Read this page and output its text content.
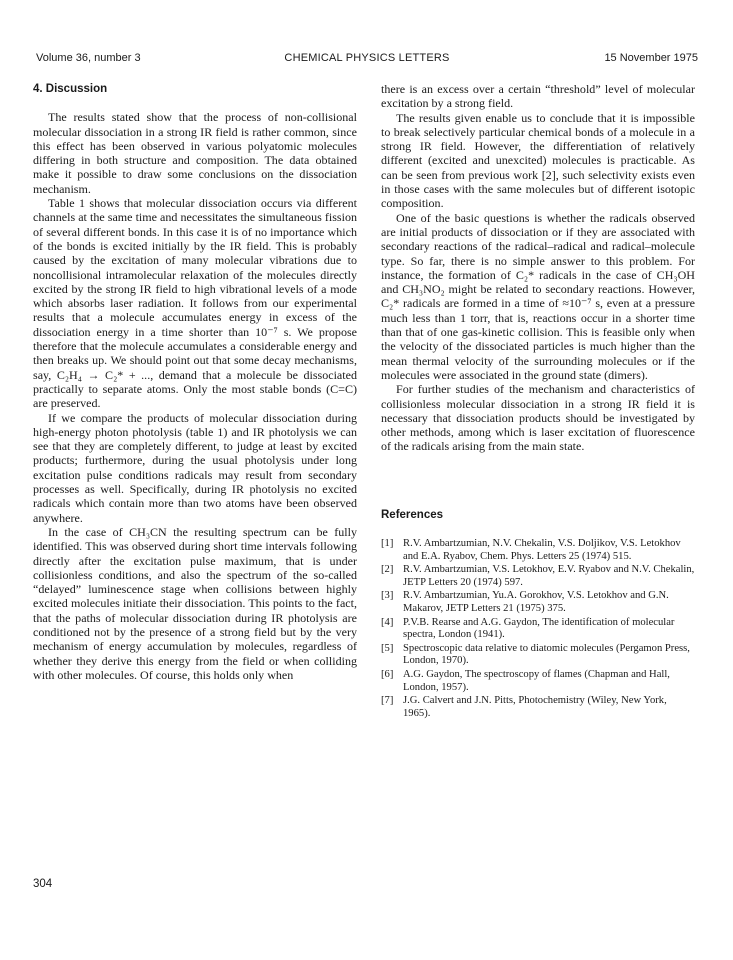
Volume 36, number 3	CHEMICAL PHYSICS LETTERS	15 November 1975
4. Discussion

The results stated show that the process of non-collisional molecular dissociation in a strong IR field is rather common, since this effect has been observed in various polyatomic molecules differing in both structure and composition. The data obtained make it possible to draw some conclusions on the dissociation mechanism.

Table 1 shows that molecular dissociation occurs via different channels at the same time and necessitates the simultaneous fission of several different bonds. In this case it is of no importance which of the bonds is excited initially by the IR field. This is probably caused by the excitation of many molecular vibrations due to noncollisional intramolecular relaxation of the molecules directly excited by the strong IR field to high vibrational levels of a mode which absorbs laser radiation. It follows from our experimental results that a molecule accumulates energy in excess of the dissociation energy in a time shorter than 10⁻⁷ s. We propose therefore that the molecule accumulates a considerable energy and then breaks up. We should point out that some decay mechanisms, say, C₂H₄ → C₂* + ..., demand that a molecule be dissociated practically to separate atoms. Only the most stable bonds (C=C) are preserved.

If we compare the products of molecular dissociation during high-energy photon photolysis (table 1) and IR photolysis we can see that they are completely different, to judge at least by excited products; furthermore, during the usual photolysis under long excitation pulse conditions radicals may result from secondary processes as well. Specifically, during IR photolysis no excited radicals which contain more than two atoms have been observed anywhere.

In the case of CH₃CN the resulting spectrum can be fully identified. This was observed during short time intervals following directly after the excitation pulse maximum, that is under collisionless conditions, and also the spectrum of the so-called “delayed” luminescence stage when collisions between highly excited molecules initiate their dissociation. This points to the fact, that the paths of molecular dissociation during IR photolysis are conditioned not by the presence of a strong field but by the very mechanism of energy accumulation by molecules, regardless of whether they derive this energy from the field or when colliding with other molecules. Of course, this holds only when

there is an excess over a certain “threshold” level of molecular excitation by a strong field.

The results given enable us to conclude that it is impossible to break selectively particular chemical bonds of a molecule in a strong IR field. However, the differentiation of relatively different (excited and unexcited) molecules is practicable. As can be seen from previous work [2], such selectivity exists even in those cases with the same molecules but of different isotopic composition.

One of the basic questions is whether the radicals observed are initial products of dissociation or if they are associated with secondary reactions of the radical–radical and radical–molecule type. So far, there is no simple answer to this problem. For instance, the formation of C₂* radicals in the case of CH₃OH and CH₃NO₂ might be related to secondary reactions. However, C₂* radicals are formed in a time of ≈10⁻⁷ s, even at a pressure much less than 1 torr, that is, reactions occur in a shorter time than that of one gas-kinetic collision. This is feasible only when the velocity of the dissociated particles is much higher than the mean thermal velocity of the surrounding molecules or if the molecules were associated in the ground state (dimers).

For further studies of the mechanism and characteristics of collisionless molecular dissociation in a strong IR field it is necessary that dissociation products should be investigated by other methods, among which is laser excitation of fluorescence of the radicals arising from the main state.

References
[1] R.V. Ambartzumian, N.V. Chekalin, V.S. Doljikov, V.S. Letokhov and E.A. Ryabov, Chem. Phys. Letters 25 (1974) 515.
[2] R.V. Ambartzumian, V.S. Letokhov, E.V. Ryabov and N.V. Chekalin, JETP Letters 20 (1974) 597.
[3] R.V. Ambartzumian, Yu.A. Gorokhov, V.S. Letokhov and G.N. Makarov, JETP Letters 21 (1975) 375.
[4] P.V.B. Rearse and A.G. Gaydon, The identification of molecular spectra, London (1941).
[5] Spectroscopic data relative to diatomic molecules (Pergamon Press, London, 1970).
[6] A.G. Gaydon, The spectroscopy of flames (Chapman and Hall, London, 1957).
[7] J.G. Calvert and J.N. Pitts, Photochemistry (Wiley, New York, 1965).
304
